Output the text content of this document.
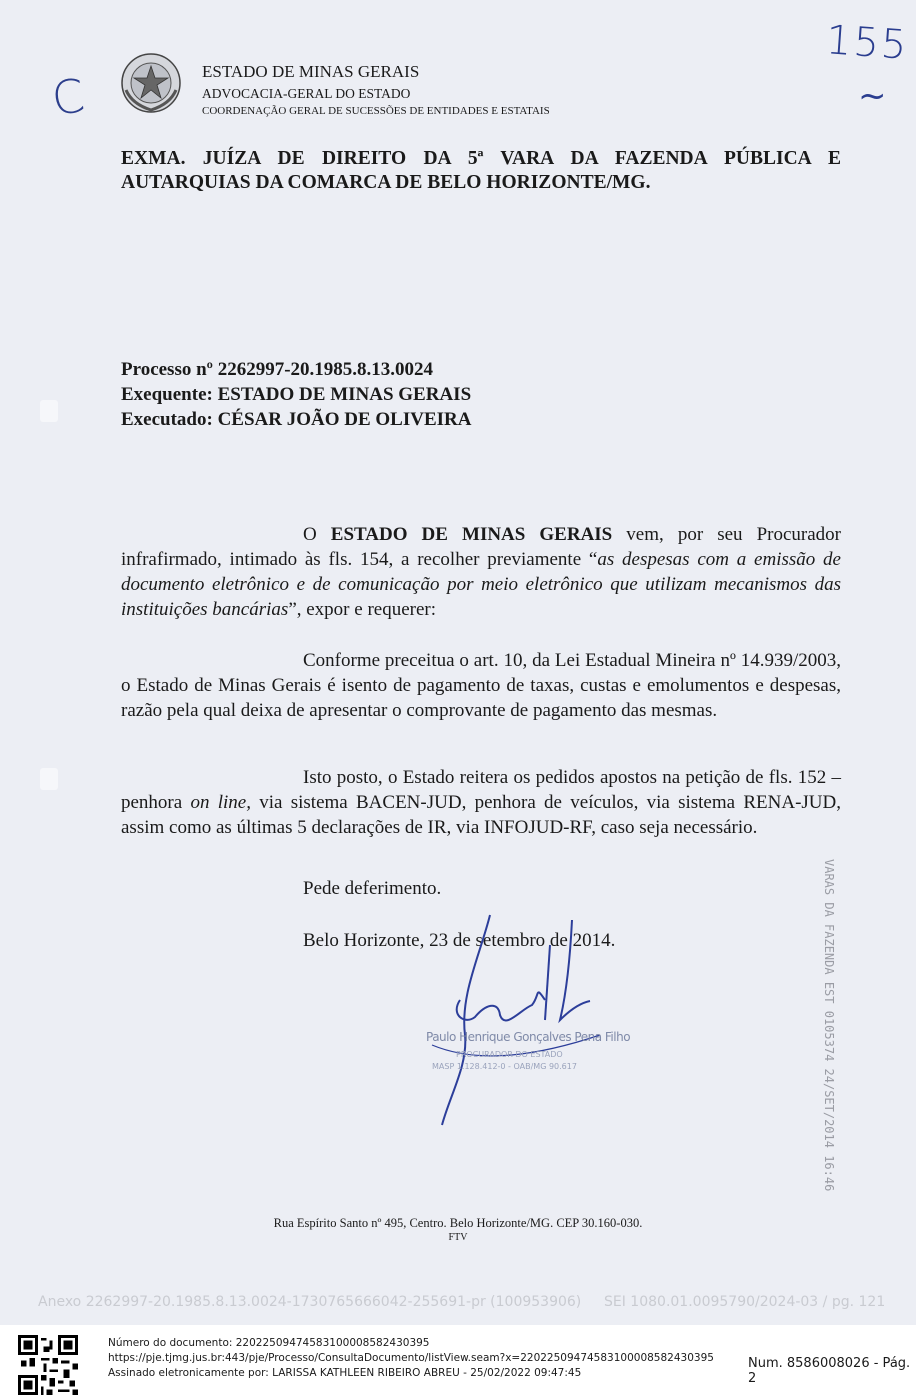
ESTADO DE MINAS GERAIS
ADVOCACIA-GERAL DO ESTADO
COORDENAÇÃO GERAL DE SUCESSÕES DE ENTIDADES E ESTATAIS
C
155
~
EXMA. JUÍZA DE DIREITO DA 5ª VARA DA FAZENDA PÚBLICA E AUTARQUIAS DA COMARCA DE BELO HORIZONTE/MG.
Processo nº 2262997-20.1985.8.13.0024
Exequente: ESTADO DE MINAS GERAIS
Executado: CÉSAR JOÃO DE OLIVEIRA
O ESTADO DE MINAS GERAIS vem, por seu Procurador infrafirmado, intimado às fls. 154, a recolher previamente “as despesas com a emissão de documento eletrônico e de comunicação por meio eletrônico que utilizam mecanismos das instituições bancárias”, expor e requerer:
Conforme preceitua o art. 10, da Lei Estadual Mineira nº 14.939/2003, o Estado de Minas Gerais é isento de pagamento de taxas, custas e emolumentos e despesas, razão pela qual deixa de apresentar o comprovante de pagamento das mesmas.
Isto posto, o Estado reitera os pedidos apostos na petição de fls. 152 – penhora on line, via sistema BACEN-JUD, penhora de veículos, via sistema RENA-JUD, assim como as últimas 5 declarações de IR, via INFOJUD-RF, caso seja necessário.
Pede deferimento.
Belo Horizonte, 23 de setembro de 2014.
Paulo Henrique Gonçalves Pena Filho
PROCURADOR DO ESTADO
MASP 1.128.412-0 - OAB/MG 90.617	VARAS DA FAZENDA EST 0105374 24/SET/2014 16:46
Rua Espírito Santo nº 495, Centro. Belo Horizonte/MG. CEP 30.160-030.
FTV
Anexo 2262997-20.1985.8.13.0024-1730765666042-255691-pr (100953906) SEI 1080.01.0095790/2024-03 / pg. 121
Número do documento: 22022509474583100008582430395
https://pje.tjmg.jus.br:443/pje/Processo/ConsultaDocumento/listView.seam?x=22022509474583100008582430395
Assinado eletronicamente por: LARISSA KATHLEEN RIBEIRO ABREU - 25/02/2022 09:47:45
Num. 8586008026 - Pág. 2
